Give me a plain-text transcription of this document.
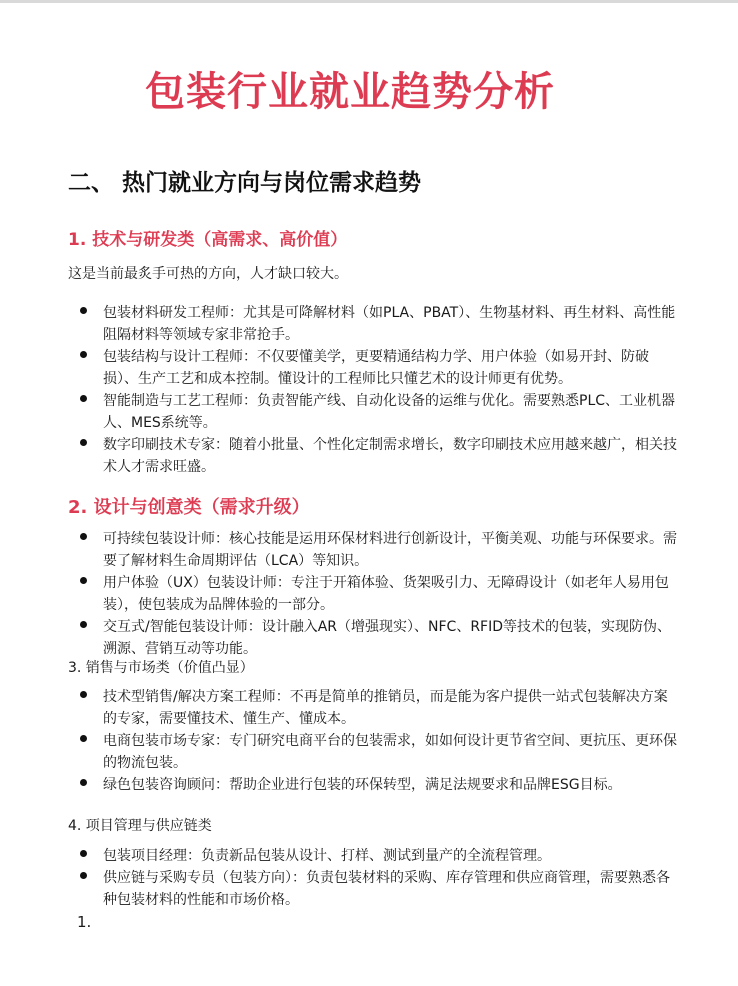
包装行业就业趋势分析
二、 热门就业方向与岗位需求趋势
1. 技术与研发类（高需求、高价值）
这是当前最炙手可热的方向，人才缺口较大。
包装材料研发工程师：尤其是可降解材料（如PLA、PBAT）、生物基材料、再生材料、高性能阻隔材料等领域专家非常抢手。
包装结构与设计工程师：不仅要懂美学，更要精通结构力学、用户体验（如易开封、防破损）、生产工艺和成本控制。懂设计的工程师比只懂艺术的设计师更有优势。
智能制造与工艺工程师：负责智能产线、自动化设备的运维与优化。需要熟悉PLC、工业机器人、MES系统等。
数字印刷技术专家：随着小批量、个性化定制需求增长，数字印刷技术应用越来越广，相关技术人才需求旺盛。
2. 设计与创意类（需求升级）
可持续包装设计师：核心技能是运用环保材料进行创新设计，平衡美观、功能与环保要求。需要了解材料生命周期评估（LCA）等知识。
用户体验（UX）包装设计师：专注于开箱体验、货架吸引力、无障碍设计（如老年人易用包装），使包装成为品牌体验的一部分。
交互式/智能包装设计师：设计融入AR（增强现实）、NFC、RFID等技术的包装，实现防伪、溯源、营销互动等功能。
3. 销售与市场类（价值凸显）
技术型销售/解决方案工程师：不再是简单的推销员，而是能为客户提供一站式包装解决方案的专家，需要懂技术、懂生产、懂成本。
电商包装市场专家：专门研究电商平台的包装需求，如如何设计更节省空间、更抗压、更环保的物流包装。
绿色包装咨询顾问：帮助企业进行包装的环保转型，满足法规要求和品牌ESG目标。
4. 项目管理与供应链类
包装项目经理：负责新品包装从设计、打样、测试到量产的全流程管理。
供应链与采购专员（包装方向）：负责包装材料的采购、库存管理和供应商管理，需要熟悉各种包装材料的性能和市场价格。
1.
